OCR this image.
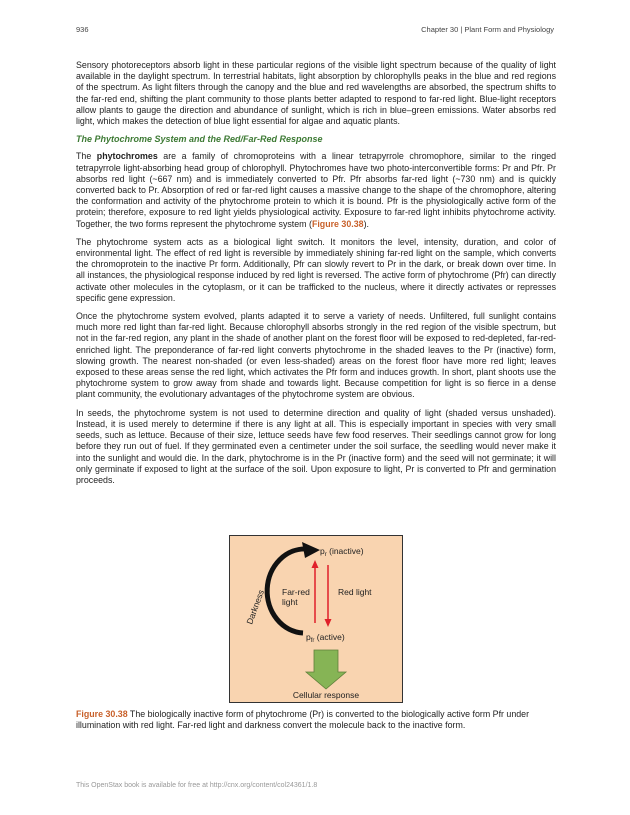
936	Chapter 30 | Plant Form and Physiology

Sensory photoreceptors absorb light in these particular regions of the visible light spectrum because of the quality of light available in the daylight spectrum. In terrestrial habitats, light absorption by chlorophylls peaks in the blue and red regions of the spectrum. As light filters through the canopy and the blue and red wavelengths are absorbed, the spectrum shifts to the far-red end, shifting the plant community to those plants better adapted to respond to far-red light. Blue-light receptors allow plants to gauge the direction and abundance of sunlight, which is rich in blue–green emissions. Water absorbs red light, which makes the detection of blue light essential for algae and aquatic plants.

The Phytochrome System and the Red/Far-Red Response

The phytochromes are a family of chromoproteins with a linear tetrapyrrole chromophore, similar to the ringed tetrapyrrole light-absorbing head group of chlorophyll. Phytochromes have two photo-interconvertible forms: Pr and Pfr. Pr absorbs red light (~667 nm) and is immediately converted to Pfr. Pfr absorbs far-red light (~730 nm) and is quickly converted back to Pr. Absorption of red or far-red light causes a massive change to the shape of the chromophore, altering the conformation and activity of the phytochrome protein to which it is bound. Pfr is the physiologically active form of the protein; therefore, exposure to red light yields physiological activity. Exposure to far-red light inhibits phytochrome activity. Together, the two forms represent the phytochrome system (Figure 30.38).

The phytochrome system acts as a biological light switch. It monitors the level, intensity, duration, and color of environmental light. The effect of red light is reversible by immediately shining far-red light on the sample, which converts the chromoprotein to the inactive Pr form. Additionally, Pfr can slowly revert to Pr in the dark, or break down over time. In all instances, the physiological response induced by red light is reversed. The active form of phytochrome (Pfr) can directly activate other molecules in the cytoplasm, or it can be trafficked to the nucleus, where it directly activates or represses specific gene expression.

Once the phytochrome system evolved, plants adapted it to serve a variety of needs. Unfiltered, full sunlight contains much more red light than far-red light. Because chlorophyll absorbs strongly in the red region of the visible spectrum, but not in the far-red region, any plant in the shade of another plant on the forest floor will be exposed to red-depleted, far-red-enriched light. The preponderance of far-red light converts phytochrome in the shaded leaves to the Pr (inactive) form, slowing growth. The nearest non-shaded (or even less-shaded) areas on the forest floor have more red light; leaves exposed to these areas sense the red light, which activates the Pfr form and induces growth. In short, plant shoots use the phytochrome system to grow away from shade and towards light. Because competition for light is so fierce in a dense plant community, the evolutionary advantages of the phytochrome system are obvious.

In seeds, the phytochrome system is not used to determine direction and quality of light (shaded versus unshaded). Instead, it is used merely to determine if there is any light at all. This is especially important in species with very small seeds, such as lettuce. Because of their size, lettuce seeds have few food reserves. Their seedlings cannot grow for long before they run out of fuel. If they germinated even a centimeter under the soil surface, the seedling would never make it into the sunlight and would die. In the dark, phytochrome is in the Pr (inactive form) and the seed will not germinate; it will only germinate if exposed to light at the surface of the soil. Upon exposure to light, Pr is converted to Pfr and germination proceeds.

Darkness
$p_r$ (inactive)
Far-red
light
Red light
$p_{fr}$ (active)
Cellular response
Figure 30.38 The biologically inactive form of phytochrome (Pr) is converted to the biologically active form Pfr under illumination with red light. Far-red light and darkness convert the molecule back to the inactive form.
This OpenStax book is available for free at http://cnx.org/content/col24361/1.8
